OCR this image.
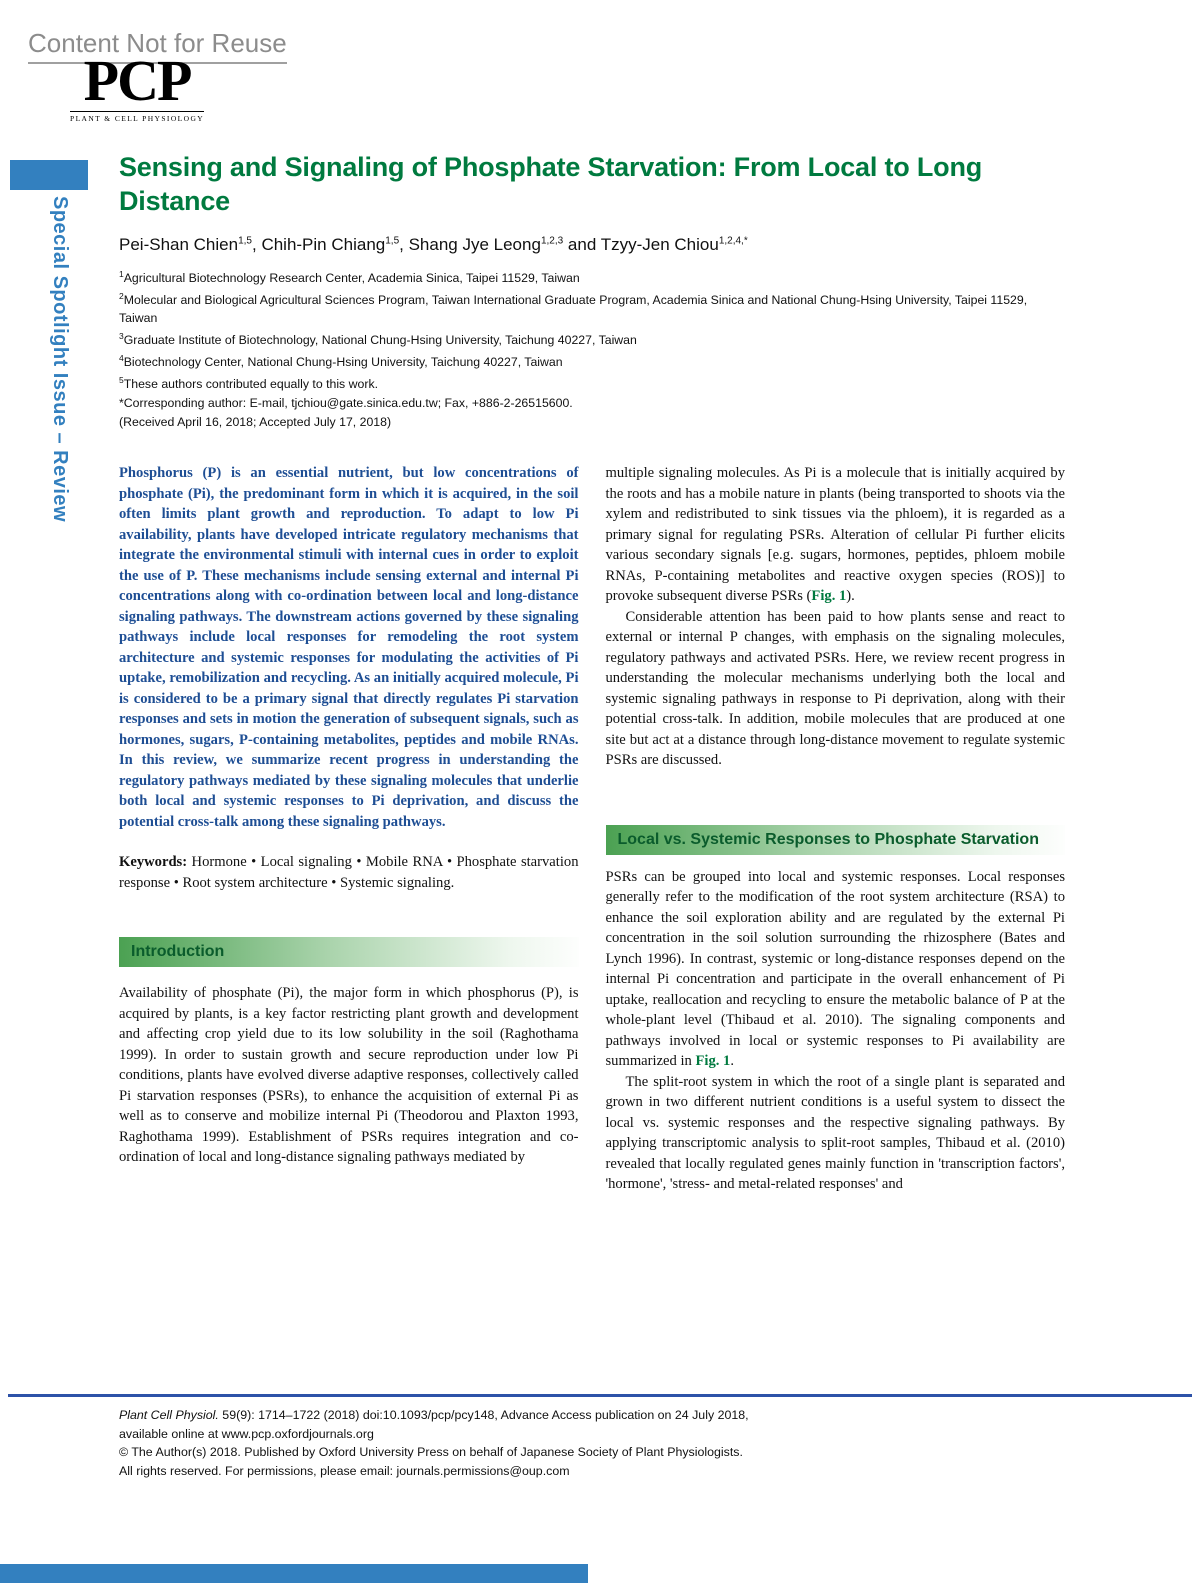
Content Not for Reuse
PCP
PLANT & CELL PHYSIOLOGY
Special Spotlight Issue – Review
Sensing and Signaling of Phosphate Starvation: From Local to Long Distance
Pei-Shan Chien$^{1,5}$, Chih-Pin Chiang$^{1,5}$, Shang Jye Leong$^{1,2,3}$ and Tzyy-Jen Chiou$^{1,2,4,*}$
$^1$Agricultural Biotechnology Research Center, Academia Sinica, Taipei 11529, Taiwan
$^2$Molecular and Biological Agricultural Sciences Program, Taiwan International Graduate Program, Academia Sinica and National Chung-Hsing University, Taipei 11529, Taiwan
$^3$Graduate Institute of Biotechnology, National Chung-Hsing University, Taichung 40227, Taiwan
$^4$Biotechnology Center, National Chung-Hsing University, Taichung 40227, Taiwan
$^5$These authors contributed equally to this work.
*Corresponding author: E-mail, tjchiou@gate.sinica.edu.tw; Fax, +886-2-26515600.
(Received April 16, 2018; Accepted July 17, 2018)

Phosphorus (P) is an essential nutrient, but low concentrations of phosphate (Pi), the predominant form in which it is acquired, in the soil often limits plant growth and reproduction. To adapt to low Pi availability, plants have developed intricate regulatory mechanisms that integrate the environmental stimuli with internal cues in order to exploit the use of P. These mechanisms include sensing external and internal Pi concentrations along with co-ordination between local and long-distance signaling pathways. The downstream actions governed by these signaling pathways include local responses for remodeling the root system architecture and systemic responses for modulating the activities of Pi uptake, remobilization and recycling. As an initially acquired molecule, Pi is considered to be a primary signal that directly regulates Pi starvation responses and sets in motion the generation of subsequent signals, such as hormones, sugars, P-containing metabolites, peptides and mobile RNAs. In this review, we summarize recent progress in understanding the regulatory pathways mediated by these signaling molecules that underlie both local and systemic responses to Pi deprivation, and discuss the potential cross-talk among these signaling pathways.

Keywords: Hormone • Local signaling • Mobile RNA • Phosphate starvation response • Root system architecture • Systemic signaling.

Introduction

Availability of phosphate (Pi), the major form in which phosphorus (P), is acquired by plants, is a key factor restricting plant growth and development and affecting crop yield due to its low solubility in the soil (Raghothama 1999). In order to sustain growth and secure reproduction under low Pi conditions, plants have evolved diverse adaptive responses, collectively called Pi starvation responses (PSRs), to enhance the acquisition of external Pi as well as to conserve and mobilize internal Pi (Theodorou and Plaxton 1993, Raghothama 1999). Establishment of PSRs requires integration and co-ordination of local and long-distance signaling pathways mediated by

multiple signaling molecules. As Pi is a molecule that is initially acquired by the roots and has a mobile nature in plants (being transported to shoots via the xylem and redistributed to sink tissues via the phloem), it is regarded as a primary signal for regulating PSRs. Alteration of cellular Pi further elicits various secondary signals [e.g. sugars, hormones, peptides, phloem mobile RNAs, P-containing metabolites and reactive oxygen species (ROS)] to provoke subsequent diverse PSRs (Fig. 1).

Considerable attention has been paid to how plants sense and react to external or internal P changes, with emphasis on the signaling molecules, regulatory pathways and activated PSRs. Here, we review recent progress in understanding the molecular mechanisms underlying both the local and systemic signaling pathways in response to Pi deprivation, along with their potential cross-talk. In addition, mobile molecules that are produced at one site but act at a distance through long-distance movement to regulate systemic PSRs are discussed.

Local vs. Systemic Responses to Phosphate Starvation

PSRs can be grouped into local and systemic responses. Local responses generally refer to the modification of the root system architecture (RSA) to enhance the soil exploration ability and are regulated by the external Pi concentration in the soil solution surrounding the rhizosphere (Bates and Lynch 1996). In contrast, systemic or long-distance responses depend on the internal Pi concentration and participate in the overall enhancement of Pi uptake, reallocation and recycling to ensure the metabolic balance of P at the whole-plant level (Thibaud et al. 2010). The signaling components and pathways involved in local or systemic responses to Pi availability are summarized in Fig. 1.

The split-root system in which the root of a single plant is separated and grown in two different nutrient conditions is a useful system to dissect the local vs. systemic responses and the respective signaling pathways. By applying transcriptomic analysis to split-root samples, Thibaud et al. (2010) revealed that locally regulated genes mainly function in 'transcription factors', 'hormone', 'stress- and metal-related responses' and

Plant Cell Physiol. 59(9): 1714–1722 (2018) doi:10.1093/pcp/pcy148, Advance Access publication on 24 July 2018,
available online at www.pcp.oxfordjournals.org
© The Author(s) 2018. Published by Oxford University Press on behalf of Japanese Society of Plant Physiologists.
All rights reserved. For permissions, please email: journals.permissions@oup.com
